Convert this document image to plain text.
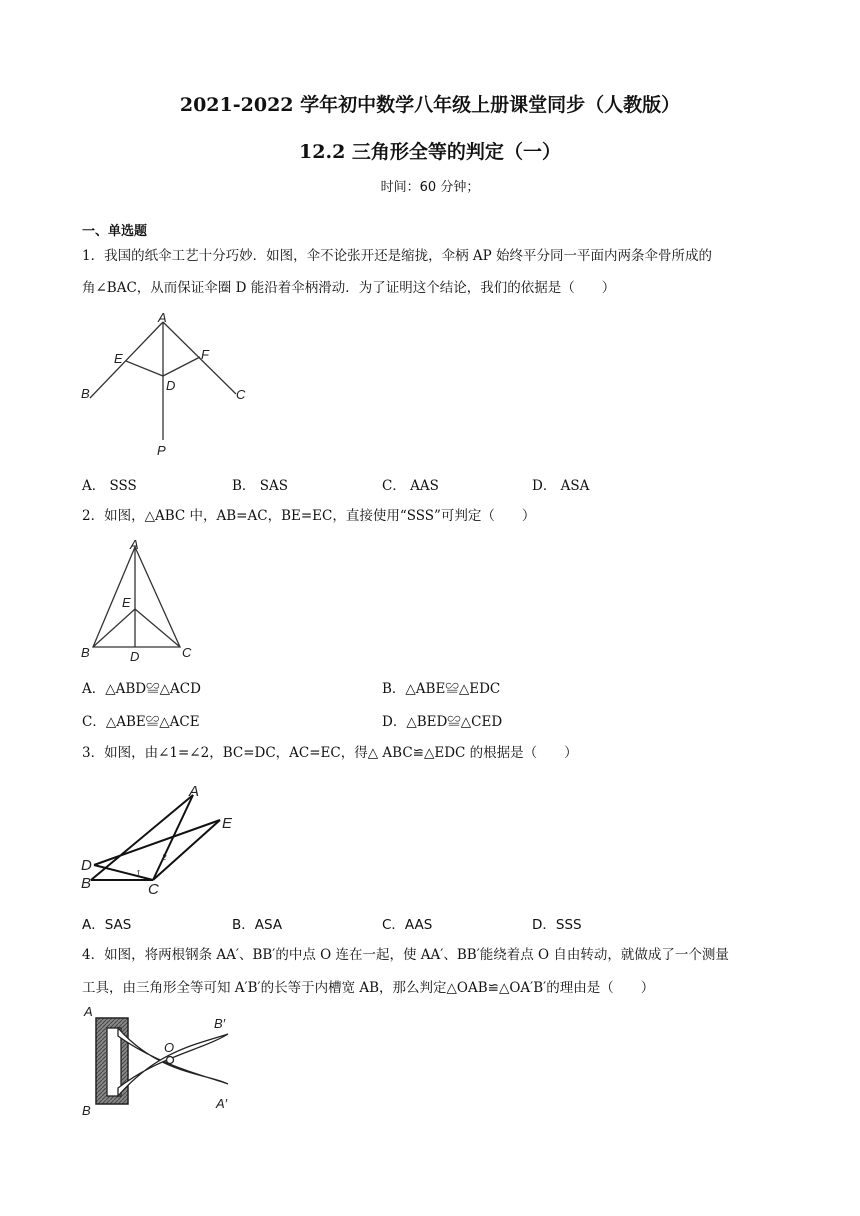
2021-2022 学年初中数学八年级上册课堂同步（人教版）
12.2 三角形全等的判定（一）
时间：60 分钟；
一、单选题
1．我国的纸伞工艺十分巧妙．如图，伞不论张开还是缩拢，伞柄 AP 始终平分同一平面内两条伞骨所成的
角∠BAC，从而保证伞圈 D 能沿着伞柄滑动．为了证明这个结论，我们的依据是（　　）
A
E	F
D
B	C
P
A． SSS	B． SAS	C． AAS	D． ASA
2．如图，△ABC 中，AB=AC，BE=EC，直接使用“SSS”可判定（　　）
A
E
B	D	C
A．△ABD≌△ACD	B．△ABE≌△EDC
C．△ABE≌△ACE	D．△BED≌△CED
3．如图，由∠1=∠2，BC=DC，AC=EC，得△ ABC≌△EDC 的根据是（　　）
A
E
D
B	C
1
2
A．SAS	B．ASA	C．AAS	D．SSS
4．如图，将两根钢条 AA′、BB′的中点 O 连在一起，使 AA′、BB′能绕着点 O 自由转动，就做成了一个测量
工具，由三角形全等可知 A′B′的长等于内槽宽 AB，那么判定△OAB≌△OA′B′的理由是（　　）
A
B
O
B′
A′
